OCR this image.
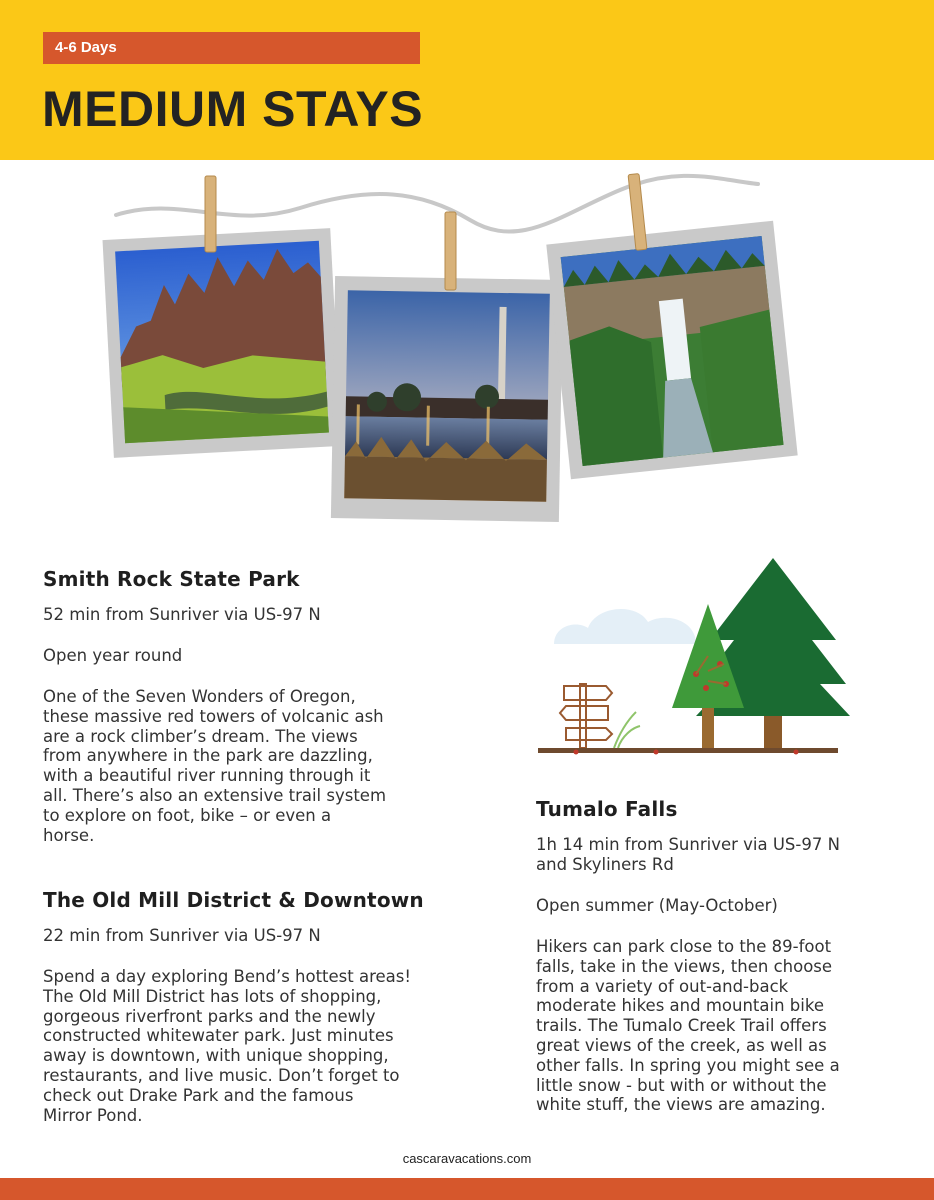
4-6 Days
MEDIUM STAYS
Smith Rock State Park
52 min from Sunriver via US-97 N
Open year round
One of the Seven Wonders of Oregon,
these massive red towers of volcanic ash
are a rock climber’s dream. The views
from anywhere in the park are dazzling,
with a beautiful river running through it
all. There’s also an extensive trail system
to explore on foot, bike – or even a
horse.
The Old Mill District & Downtown
22 min from Sunriver via US-97 N
Spend a day exploring Bend’s hottest areas!
The Old Mill District has lots of shopping,
gorgeous riverfront parks and the newly
constructed whitewater park. Just minutes
away is downtown, with unique shopping,
restaurants, and live music. Don’t forget to
check out Drake Park and the famous
Mirror Pond.
Tumalo Falls
1h 14 min from Sunriver via US-97 N
and Skyliners Rd
Open summer (May-October)
Hikers can park close to the 89-foot
falls, take in the views, then choose
from a variety of out-and-back
moderate hikes and mountain bike
trails. The Tumalo Creek Trail offers
great views of the creek, as well as
other falls. In spring you might see a
little snow - but with or without the
white stuff, the views are amazing.
cascaravacations.com
